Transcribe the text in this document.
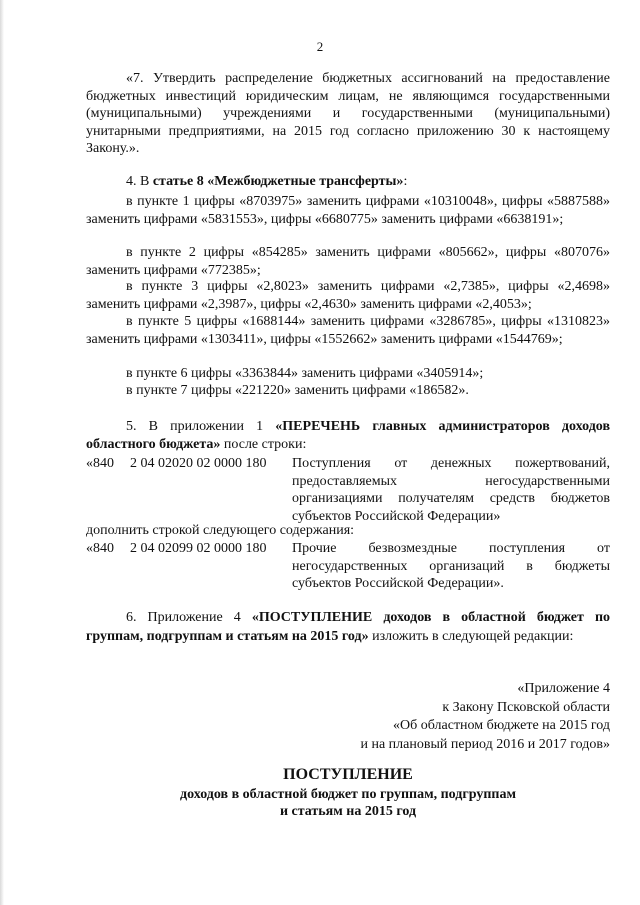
2
«7. Утвердить распределение бюджетных ассигнований на предоставление бюджетных инвестиций юридическим лицам, не являющимся государственными (муниципальными) учреждениями и государственными (муниципальными) унитарными предприятиями, на 2015 год согласно приложению 30 к настоящему Закону.».
4. В статье 8 «Межбюджетные трансферты»:
в пункте 1 цифры «8703975» заменить цифрами «10310048», цифры «5887588» заменить цифрами «5831553», цифры «6680775» заменить цифрами «6638191»;
в пункте 2 цифры «854285» заменить цифрами «805662», цифры «807076» заменить цифрами «772385»;
в пункте 3 цифры «2,8023» заменить цифрами «2,7385», цифры «2,4698» заменить цифрами «2,3987», цифры «2,4630» заменить цифрами «2,4053»;
в пункте 5 цифры «1688144» заменить цифрами «3286785», цифры «1310823» заменить цифрами «1303411», цифры «1552662» заменить цифрами «1544769»;
в пункте 6 цифры «3363844» заменить цифрами «3405914»;
в пункте 7 цифры «221220» заменить цифрами «186582».
5. В приложении 1 «ПЕРЕЧЕНЬ главных администраторов доходов областного бюджета» после строки:
«840 2 04 02020 02 0000 180 Поступления от денежных пожертвований, предоставляемых негосударственными организациями получателям средств бюджетов субъектов Российской Федерации»
дополнить строкой следующего содержания:
«840 2 04 02099 02 0000 180 Прочие безвозмездные поступления от негосударственных организаций в бюджеты субъектов Российской Федерации».
6. Приложение 4 «ПОСТУПЛЕНИЕ доходов в областной бюджет по группам, подгруппам и статьям на 2015 год» изложить в следующей редакции:
«Приложение 4
к Закону Псковской области
«Об областном бюджете на 2015 год
и на плановый период 2016 и 2017 годов»
ПОСТУПЛЕНИЕ
доходов в областной бюджет по группам, подгруппам
и статьям на 2015 год
